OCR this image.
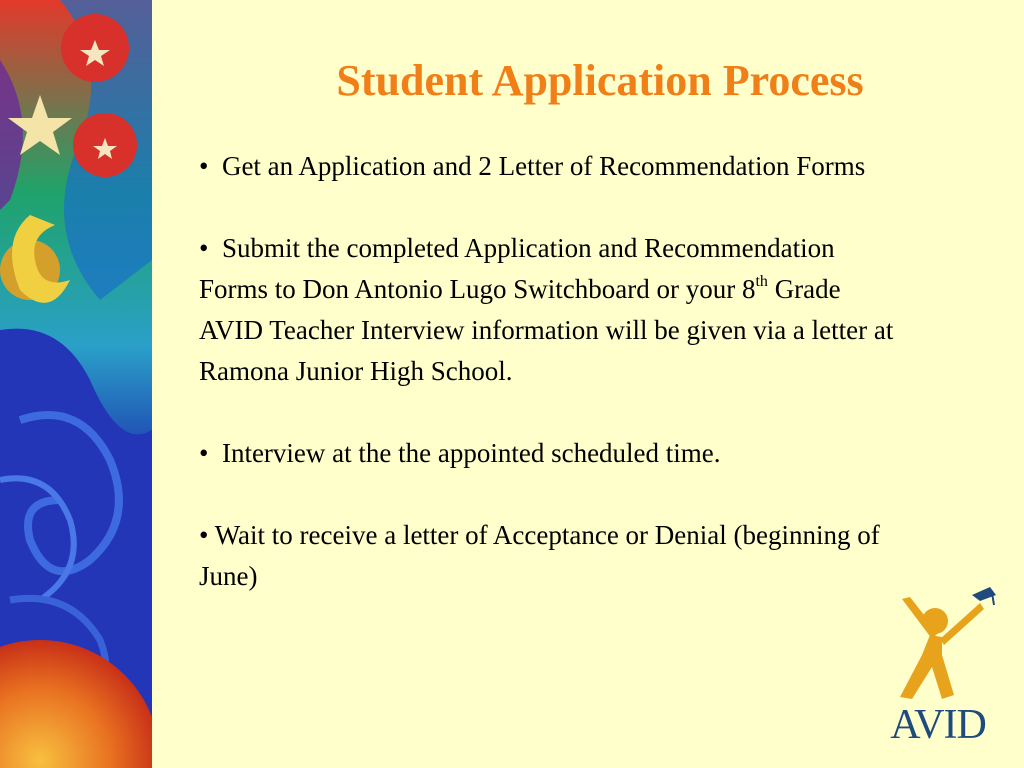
Student Application Process

•  Get an Application and 2 Letter of Recommendation Forms

•  Submit the completed Application and Recommendation Forms to Don Antonio Lugo Switchboard or your 8th Grade AVID Teacher Interview information will be given via a letter at Ramona Junior High School.

•  Interview at the the appointed scheduled time.

• Wait to receive a letter of Acceptance or Denial (beginning of June)

AVID
